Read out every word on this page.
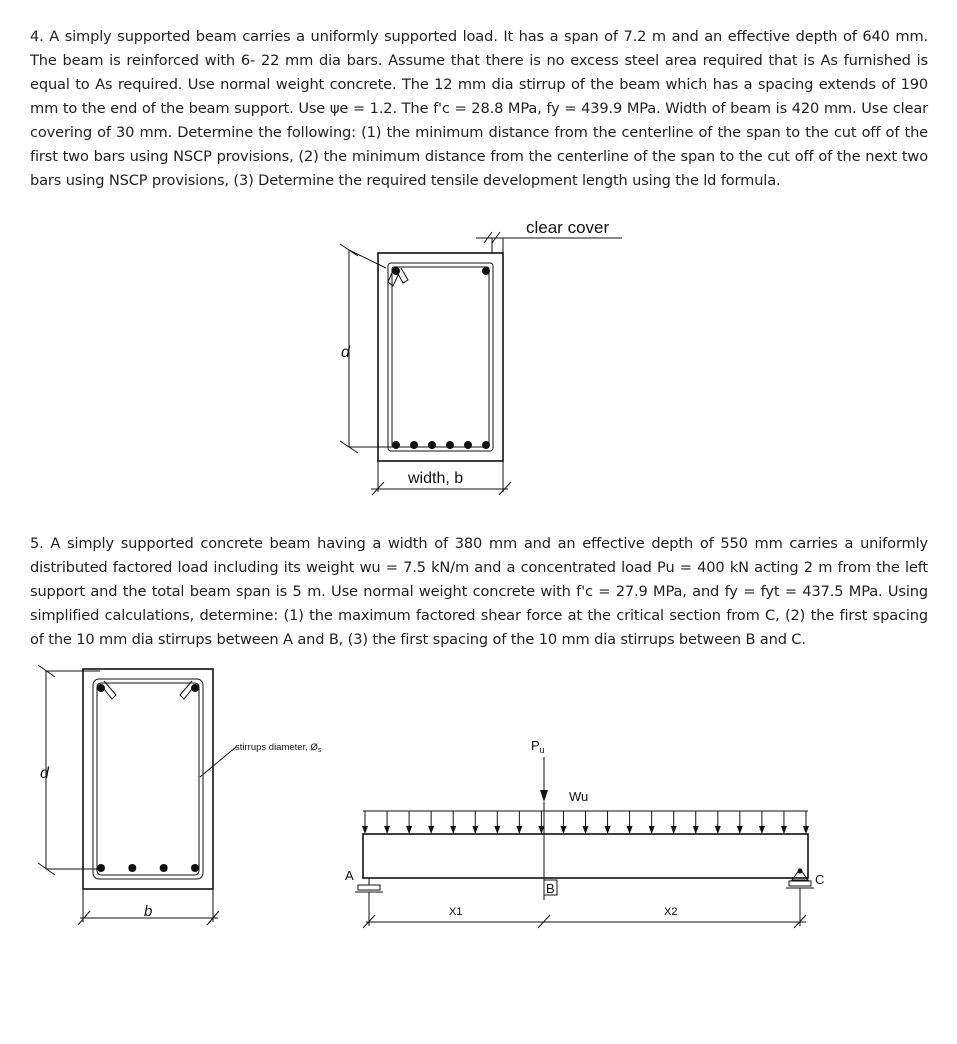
4. A simply supported beam carries a uniformly supported load. It has a span of 7.2 m and an effective depth of 640 mm. The beam is reinforced with 6- 22 mm dia bars. Assume that there is no excess steel area required that is As furnished is equal to As required. Use normal weight concrete. The 12 mm dia stirrup of the beam which has a spacing extends of 190 mm to the end of the beam support. Use ψe = 1.2. The f'c = 28.8 MPa, fy = 439.9 MPa. Width of beam is 420 mm. Use clear covering of 30 mm. Determine the following: (1) the minimum distance from the centerline of the span to the cut off of the first two bars using NSCP provisions, (2) the minimum distance from the centerline of the span to the cut off of the next two bars using NSCP provisions, (3) Determine the required tensile development length using the ld formula.

d
width, b
clear cover

5. A simply supported concrete beam having a width of 380 mm and an effective depth of 550 mm carries a uniformly distributed factored load including its weight wu = 7.5 kN/m and a concentrated load Pu = 400 kN acting 2 m from the left support and the total beam span is 5 m. Use normal weight concrete with f'c = 27.9 MPa, and fy = fyt = 437.5 MPa. Using simplified calculations, determine: (1) the maximum factored shear force at the critical section from C, (2) the first spacing of the 10 mm dia stirrups between A and B, (3) the first spacing of the 10 mm dia stirrups between B and C.

stirrups diameter, $Ø_s$
d
b
$P_u$
Wu
A	C
B
X1	X2
